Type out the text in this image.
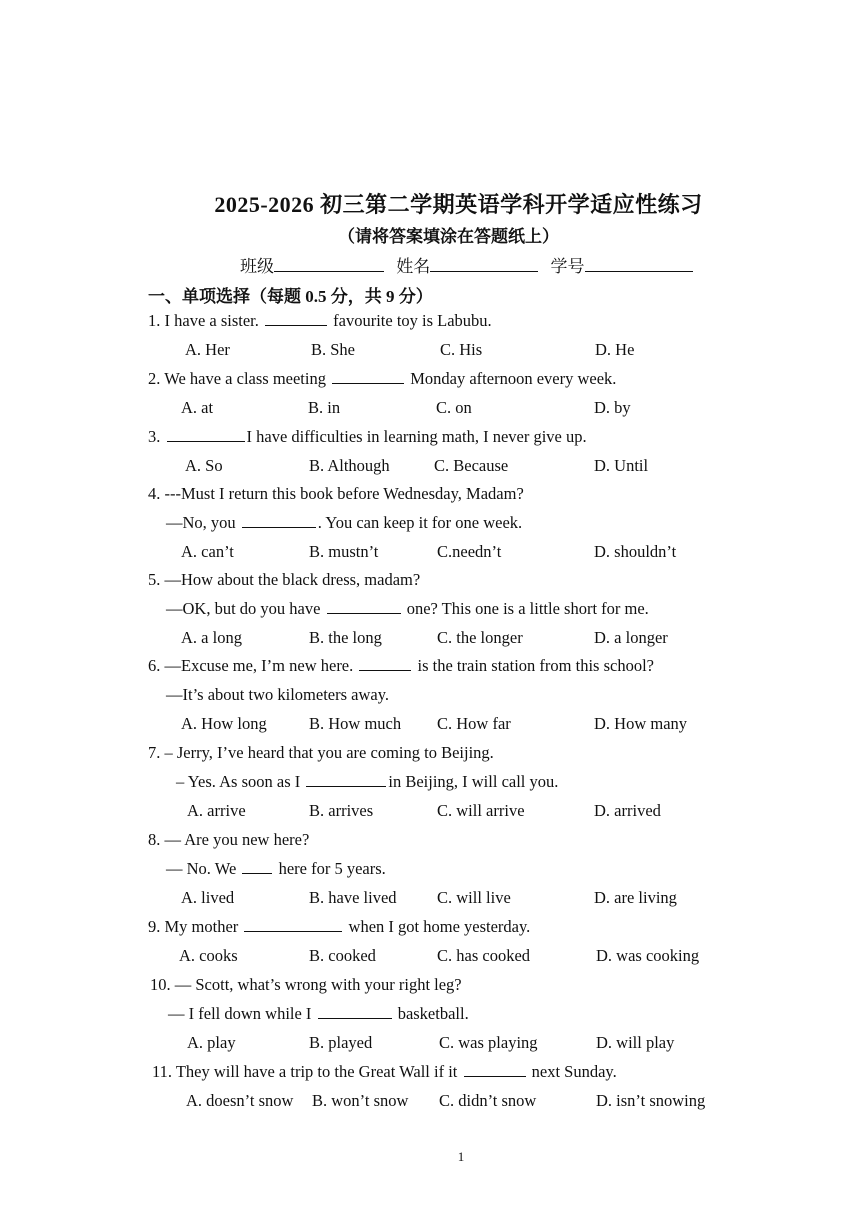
2025-2026 初三第二学期英语学科开学适应性练习
（请将答案填涂在答题纸上）
班级	姓名	学号
一、单项选择（每题 0.5 分，共 9 分）
1. I have a sister.	favourite toy is Labubu.
A. Her	B. She	C. His	D. He
2. We have a class meeting	Monday afternoon every week.
A. at	B. in	C. on	D. by
3.	I have difficulties in learning math, I never give up.
A. So	B. Although	C. Because	D. Until
4. ---Must I return this book before Wednesday, Madam?
—No, you	. You can keep it for one week.
A. can’t	B. mustn’t	C.needn’t	D. shouldn’t
5. —How about the black dress, madam?
—OK, but do you have	one? This one is a little short for me.
A. a long	B. the long	C. the longer	D. a longer
6. —Excuse me, I’m new here.	is the train station from this school?
—It’s about two kilometers away.
A. How long	B. How much C. How far	D. How many
7. – Jerry, I’ve heard that you are coming to Beijing.
– Yes. As soon as I	in Beijing, I will call you.
A. arrive	B. arrives	C. will arrive	D. arrived
8. — Are you new here?
— No. We  here for 5 years.
A. lived	B. have lived C. will live	D. are living
9. My mother	when I got home yesterday.
A. cooks	B. cooked	C. has cooked	D. was cooking
10. — Scott, what’s wrong with your right leg?
— I fell down while I	basketball.
A. play	B. played	C. was playing	D. will play
11. They will have a trip to the Great Wall if it	next Sunday.
A. doesn’t snow B. won’t snow C. didn’t snow	D. isn’t snowing
1
